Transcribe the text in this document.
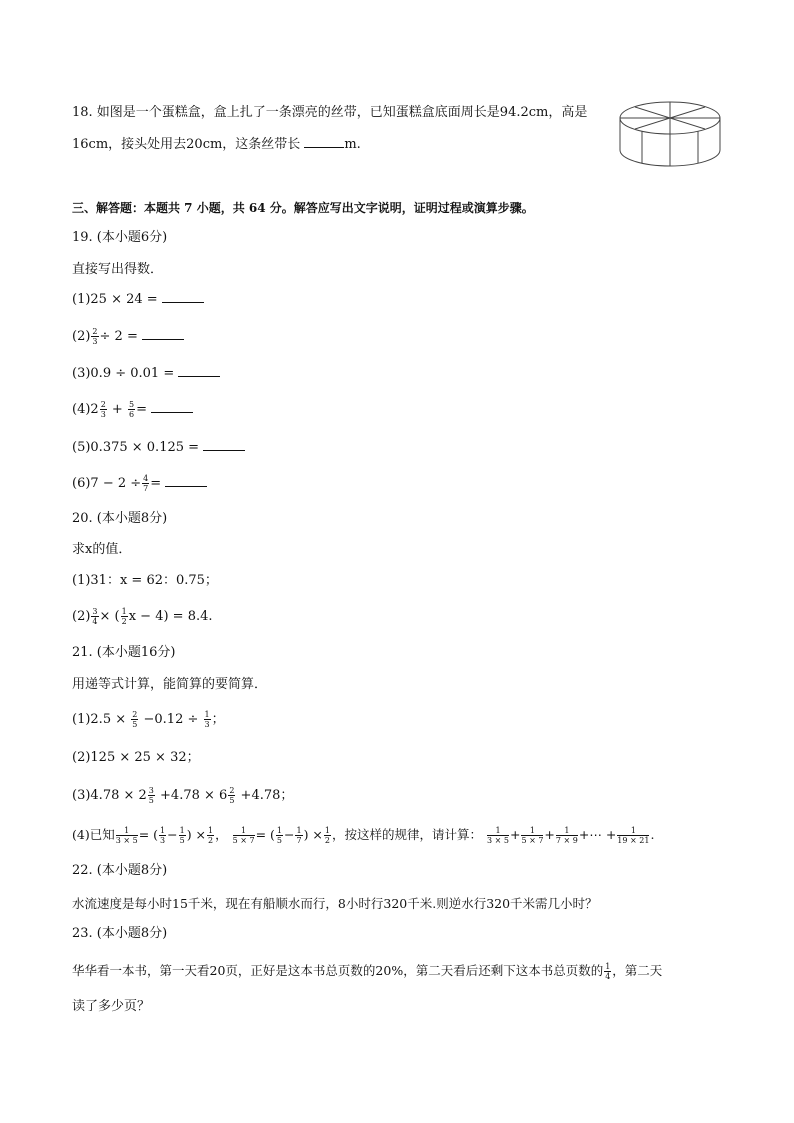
18. 如图是一个蛋糕盒，盒上扎了一条漂亮的丝带，已知蛋糕盒底面周长是94.2cm，高是
16cm，接头处用去20cm，这条丝带长	m.
三、解答题：本题共 7 小题，共 64 分。解答应写出文字说明，证明过程或演算步骤。
19. (本小题6分)
直接写出得数．
(1)25 × 24 =
$(2) \frac{2}{3} \div 2$ =
(3)0.9 ÷ 0.01 =
$(4)2 \frac{2}{3} + \frac{5}{6}$ =
(5)0.375 × 0.125 =
$(6)7 - 2 \div \frac{4}{7}$ =
20. (本小题8分)
求x的值．
(1)31：x = 62：0.75；
$(2) \frac{3}{4}$ × ( $\frac{1}{2}$ x − 4) = 8.4.
21. (本小题16分)
用递等式计算，能简算的要简算．
$(1)2.5 \times \frac{2}{5} -0.12 \div \frac{1}{3}$ ；
(2)125 × 25 × 32；
$(3)4.78 \times 2 \frac{3}{5} +4.78 \times 6 \frac{2}{5} +4.78$；
(4)已知 $\frac{1}{3 \times 5}$ = ( $\frac{1}{3} - \frac{1}{5}$ ) × $\frac{1}{2}$ ， $\frac{1}{5 \times 7}$ = ( $\frac{1}{5} - \frac{1}{7}$ ) × $\frac{1}{2}$ ，按这样的规律，请计算： $\frac{1}{3 \times 5} + \frac{1}{5 \times 7} + \frac{1}{7 \times 9}$ +⋯ + $\frac{1}{19 \times 21}$ .
22. (本小题8分)
水流速度是每小时15千米，现在有船顺水而行，8小时行320千米.则逆水行320千米需几小时？
23. (本小题8分)
华华看一本书，第一天看20页，正好是这本书总页数的20%，第二天看后还剩下这本书总页数的 $\frac{1}{4}$ ，第二天
读了多少页？
